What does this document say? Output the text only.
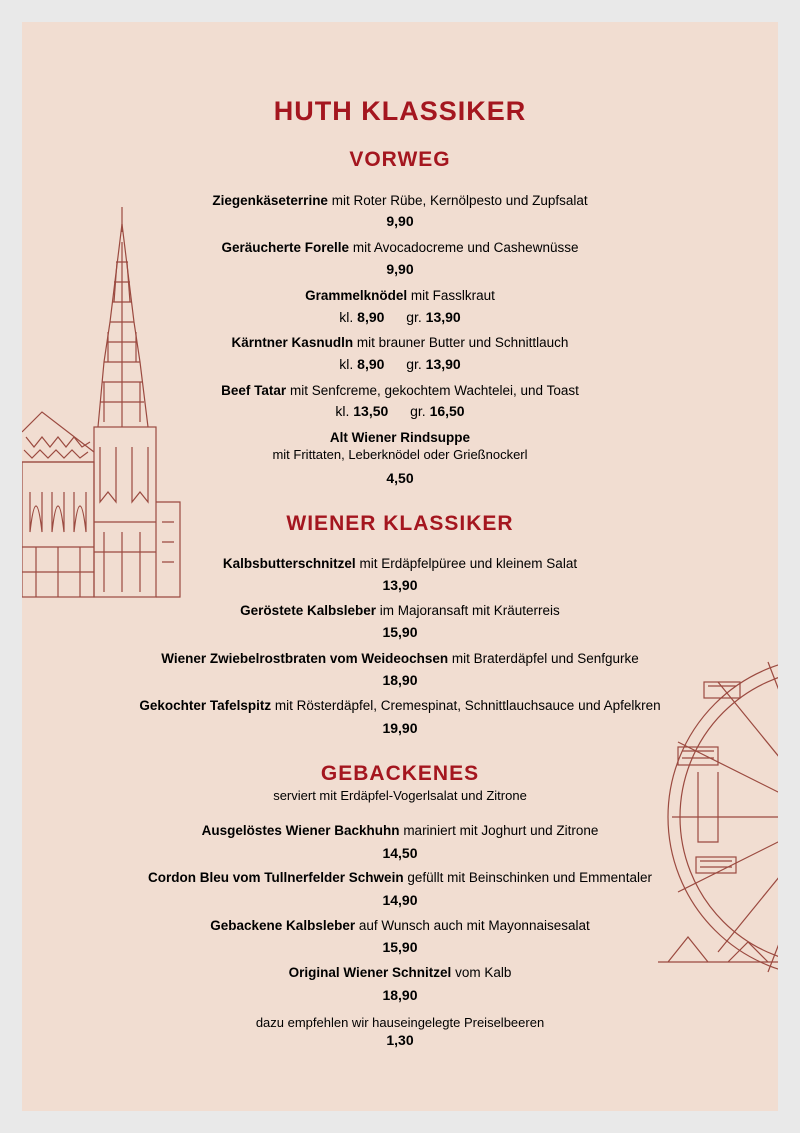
HUTH KLASSIKER
VORWEG
Ziegenkäseterrine mit Roter Rübe, Kernölpesto und Zupfsalat
9,90
Geräucherte Forelle mit Avocadocreme und Cashewnüsse
9,90
Grammelknödel mit Fasslkraut
kl. 8,90 gr. 13,90
Kärntner Kasnudln mit brauner Butter und Schnittlauch
kl. 8,90 gr. 13,90
Beef Tatar mit Senfcreme, gekochtem Wachtelei, und Toast
kl. 13,50 gr. 16,50
Alt Wiener Rindsuppe
mit Frittaten, Leberknödel oder Grießnockerl
4,50
WIENER KLASSIKER
Kalbsbutterschnitzel mit Erdäpfelpüree und kleinem Salat
13,90
Geröstete Kalbsleber im Majoransaft mit Kräuterreis
15,90
Wiener Zwiebelrostbraten vom Weideochsen mit Braterdäpfel und Senfgurke
18,90
Gekochter Tafelspitz mit Rösterdäpfel, Cremespinat, Schnittlauchsauce und Apfelkren
19,90
GEBACKENES
serviert mit Erdäpfel-Vogerlsalat und Zitrone
Ausgelöstes Wiener Backhuhn mariniert mit Joghurt und Zitrone
14,50
Cordon Bleu vom Tullnerfelder Schwein gefüllt mit Beinschinken und Emmentaler
14,90
Gebackene Kalbsleber auf Wunsch auch mit Mayonnaisesalat
15,90
Original Wiener Schnitzel vom Kalb
18,90
dazu empfehlen wir hauseingelegte Preiselbeeren
1,30
